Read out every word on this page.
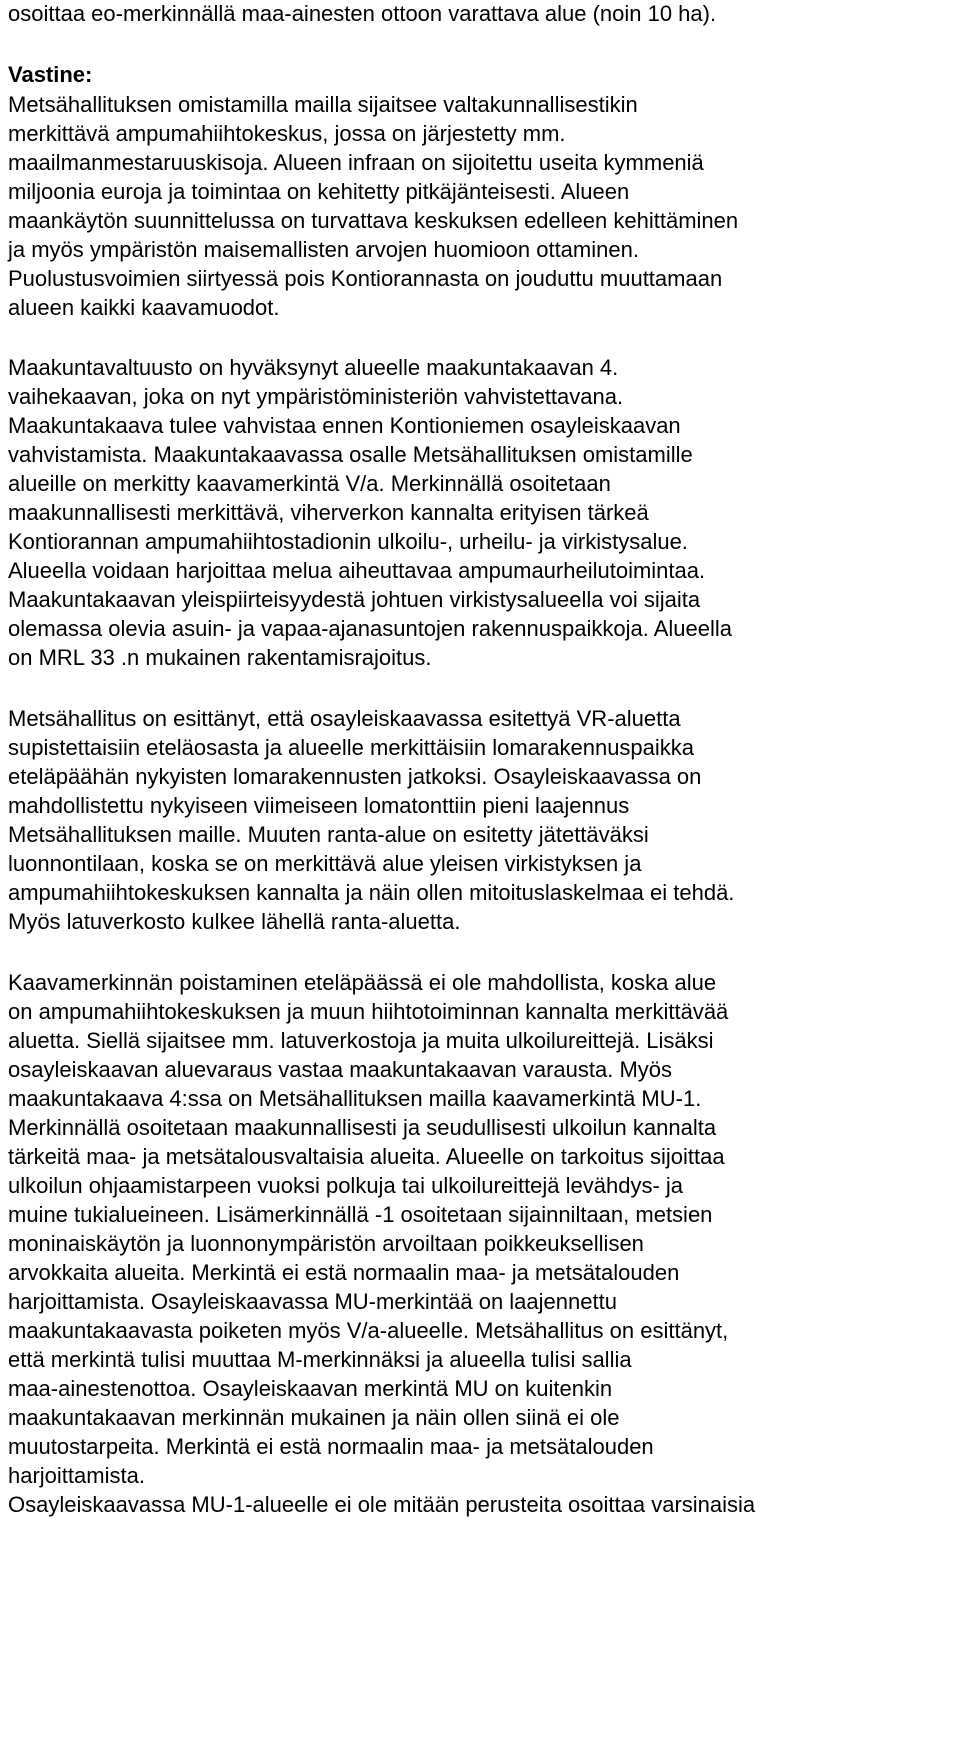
osoittaa eo-merkinnällä maa-ainesten ottoon varattava alue (noin 10 ha).
Vastine:
Metsähallituksen omistamilla mailla sijaitsee valtakunnallisestikin
merkittävä ampumahiihtokeskus, jossa on järjestetty mm.
maailmanmestaruuskisoja. Alueen infraan on sijoitettu useita kymmeniä
miljoonia euroja ja toimintaa on kehitetty pitkäjänteisesti. Alueen
maankäytön suunnittelussa on turvattava keskuksen edelleen kehittäminen
ja myös ympäristön maisemallisten arvojen huomioon ottaminen.
Puolustusvoimien siirtyessä pois Kontiorannasta on jouduttu muuttamaan
alueen kaikki kaavamuodot.
Maakuntavaltuusto on hyväksynyt alueelle maakuntakaavan 4.
vaihekaavan, joka on nyt ympäristöministeriön vahvistettavana.
Maakuntakaava tulee vahvistaa ennen Kontioniemen osayleiskaavan
vahvistamista. Maakuntakaavassa osalle Metsähallituksen omistamille
alueille on merkitty kaavamerkintä V/a. Merkinnällä osoitetaan
maakunnallisesti merkittävä, viherverkon kannalta erityisen tärkeä
Kontiorannan ampumahiihtostadionin ulkoilu-, urheilu- ja virkistysalue.
Alueella voidaan harjoittaa melua aiheuttavaa ampumaurheilutoimintaa.
Maakuntakaavan yleispiirteisyydestä johtuen virkistysalueella voi sijaita
olemassa olevia asuin- ja vapaa-ajanasuntojen rakennuspaikkoja. Alueella
on MRL 33 .n mukainen rakentamisrajoitus.
Metsähallitus on esittänyt, että osayleiskaavassa esitettyä VR-aluetta
supistettaisiin eteläosasta ja alueelle merkittäisiin lomarakennuspaikka
eteläpäähän nykyisten lomarakennusten jatkoksi. Osayleiskaavassa on
mahdollistettu nykyiseen viimeiseen lomatonttiin pieni laajennus
Metsähallituksen maille. Muuten ranta-alue on esitetty jätettäväksi
luonnontilaan, koska se on merkittävä alue yleisen virkistyksen ja
ampumahiihtokeskuksen kannalta ja näin ollen mitoituslaskelmaa ei tehdä.
Myös latuverkosto kulkee lähellä ranta-aluetta.
Kaavamerkinnän poistaminen eteläpäässä ei ole mahdollista, koska alue
on ampumahiihtokeskuksen ja muun hiihtotoiminnan kannalta merkittävää
aluetta. Siellä sijaitsee mm. latuverkostoja ja muita ulkoilureittejä. Lisäksi
osayleiskaavan aluevaraus vastaa maakuntakaavan varausta. Myös
maakuntakaava 4:ssa on Metsähallituksen mailla kaavamerkintä MU-1.
Merkinnällä osoitetaan maakunnallisesti ja seudullisesti ulkoilun kannalta
tärkeitä maa- ja metsätalousvaltaisia alueita. Alueelle on tarkoitus sijoittaa
ulkoilun ohjaamistarpeen vuoksi polkuja tai ulkoilureittejä levähdys- ja
muine tukialueineen. Lisämerkinnällä -1 osoitetaan sijainniltaan, metsien
moninaiskäytön ja luonnonympäristön arvoiltaan poikkeuksellisen
arvokkaita alueita. Merkintä ei estä normaalin maa- ja metsätalouden
harjoittamista. Osayleiskaavassa MU-merkintää on laajennettu
maakuntakaavasta poiketen myös V/a-alueelle. Metsähallitus on esittänyt,
että merkintä tulisi muuttaa M-merkinnäksi ja alueella tulisi sallia
maa-ainestenottoa. Osayleiskaavan merkintä MU on kuitenkin
maakuntakaavan merkinnän mukainen ja näin ollen siinä ei ole
muutostarpeita. Merkintä ei estä normaalin maa- ja metsätalouden
harjoittamista.
Osayleiskaavassa MU-1-alueelle ei ole mitään perusteita osoittaa varsinaisia
